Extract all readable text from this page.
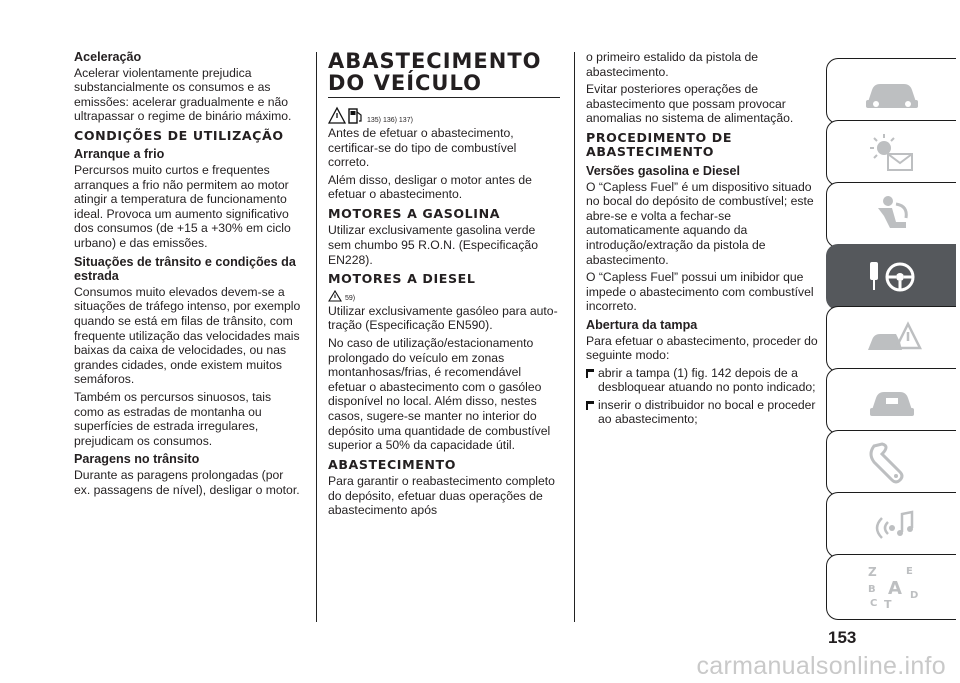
Aceleração

Acelerar violentamente prejudica substancialmente os consumos e as emissões: acelerar gradualmente e não ultrapassar o regime de binário máximo.

CONDIÇÕES DE UTILIZAÇÃO
Arranque a frio

Percursos muito curtos e frequentes arranques a frio não permitem ao motor atingir a temperatura de funcionamento ideal. Provoca um aumento significativo dos consumos (de +15 a +30% em ciclo urbano) e das emissões.

Situações de trânsito e condições da estrada

Consumos muito elevados devem-se a situações de tráfego intenso, por exemplo quando se está em filas de trânsito, com frequente utilização das velocidades mais baixas da caixa de velocidades, ou nas grandes cidades, onde existem muitos semáforos.

Também os percursos sinuosos, tais como as estradas de montanha ou superfícies de estrada irregulares, prejudicam os consumos.

Paragens no trânsito

Durante as paragens prolongadas (por ex. passagens de nível), desligar o motor.

ABASTECIMENTO DO VEÍCULO
135) 136) 137)

Antes de efetuar o abastecimento, certificar-se do tipo de combustível correto.

Além disso, desligar o motor antes de efetuar o abastecimento.

MOTORES A GASOLINA

Utilizar exclusivamente gasolina verde sem chumbo 95 R.O.N. (Especificação EN228).

MOTORES A DIESEL
59)

Utilizar exclusivamente gasóleo para auto-tração (Especificação EN590).

No caso de utilização/estacionamento prolongado do veículo em zonas montanhosas/frias, é recomendável efetuar o abastecimento com o gasóleo disponível no local. Além disso, nestes casos, sugere-se manter no interior do depósito uma quantidade de combustível superior a 50% da capacidade útil.

ABASTECIMENTO

Para garantir o reabastecimento completo do depósito, efetuar duas operações de abastecimento após

o primeiro estalido da pistola de abastecimento.

Evitar posteriores operações de abastecimento que possam provocar anomalias no sistema de alimentação.

PROCEDIMENTO DE ABASTECIMENTO
Versões gasolina e Diesel

O “Capless Fuel” é um dispositivo situado no bocal do depósito de combustível; este abre-se e volta a fechar-se automaticamente aquando da introdução/extração da pistola de abastecimento.

O “Capless Fuel” possui um inibidor que impede o abastecimento com combustível incorreto.

Abertura da tampa

Para efetuar o abastecimento, proceder do seguinte modo:

abrir a tampa (1) fig. 142 depois de a desbloquear atuando no ponto indicado;
inserir o distribuidor no bocal e proceder ao abastecimento;
Z	E
B A
C T
D
153
carmanualsonline.info
